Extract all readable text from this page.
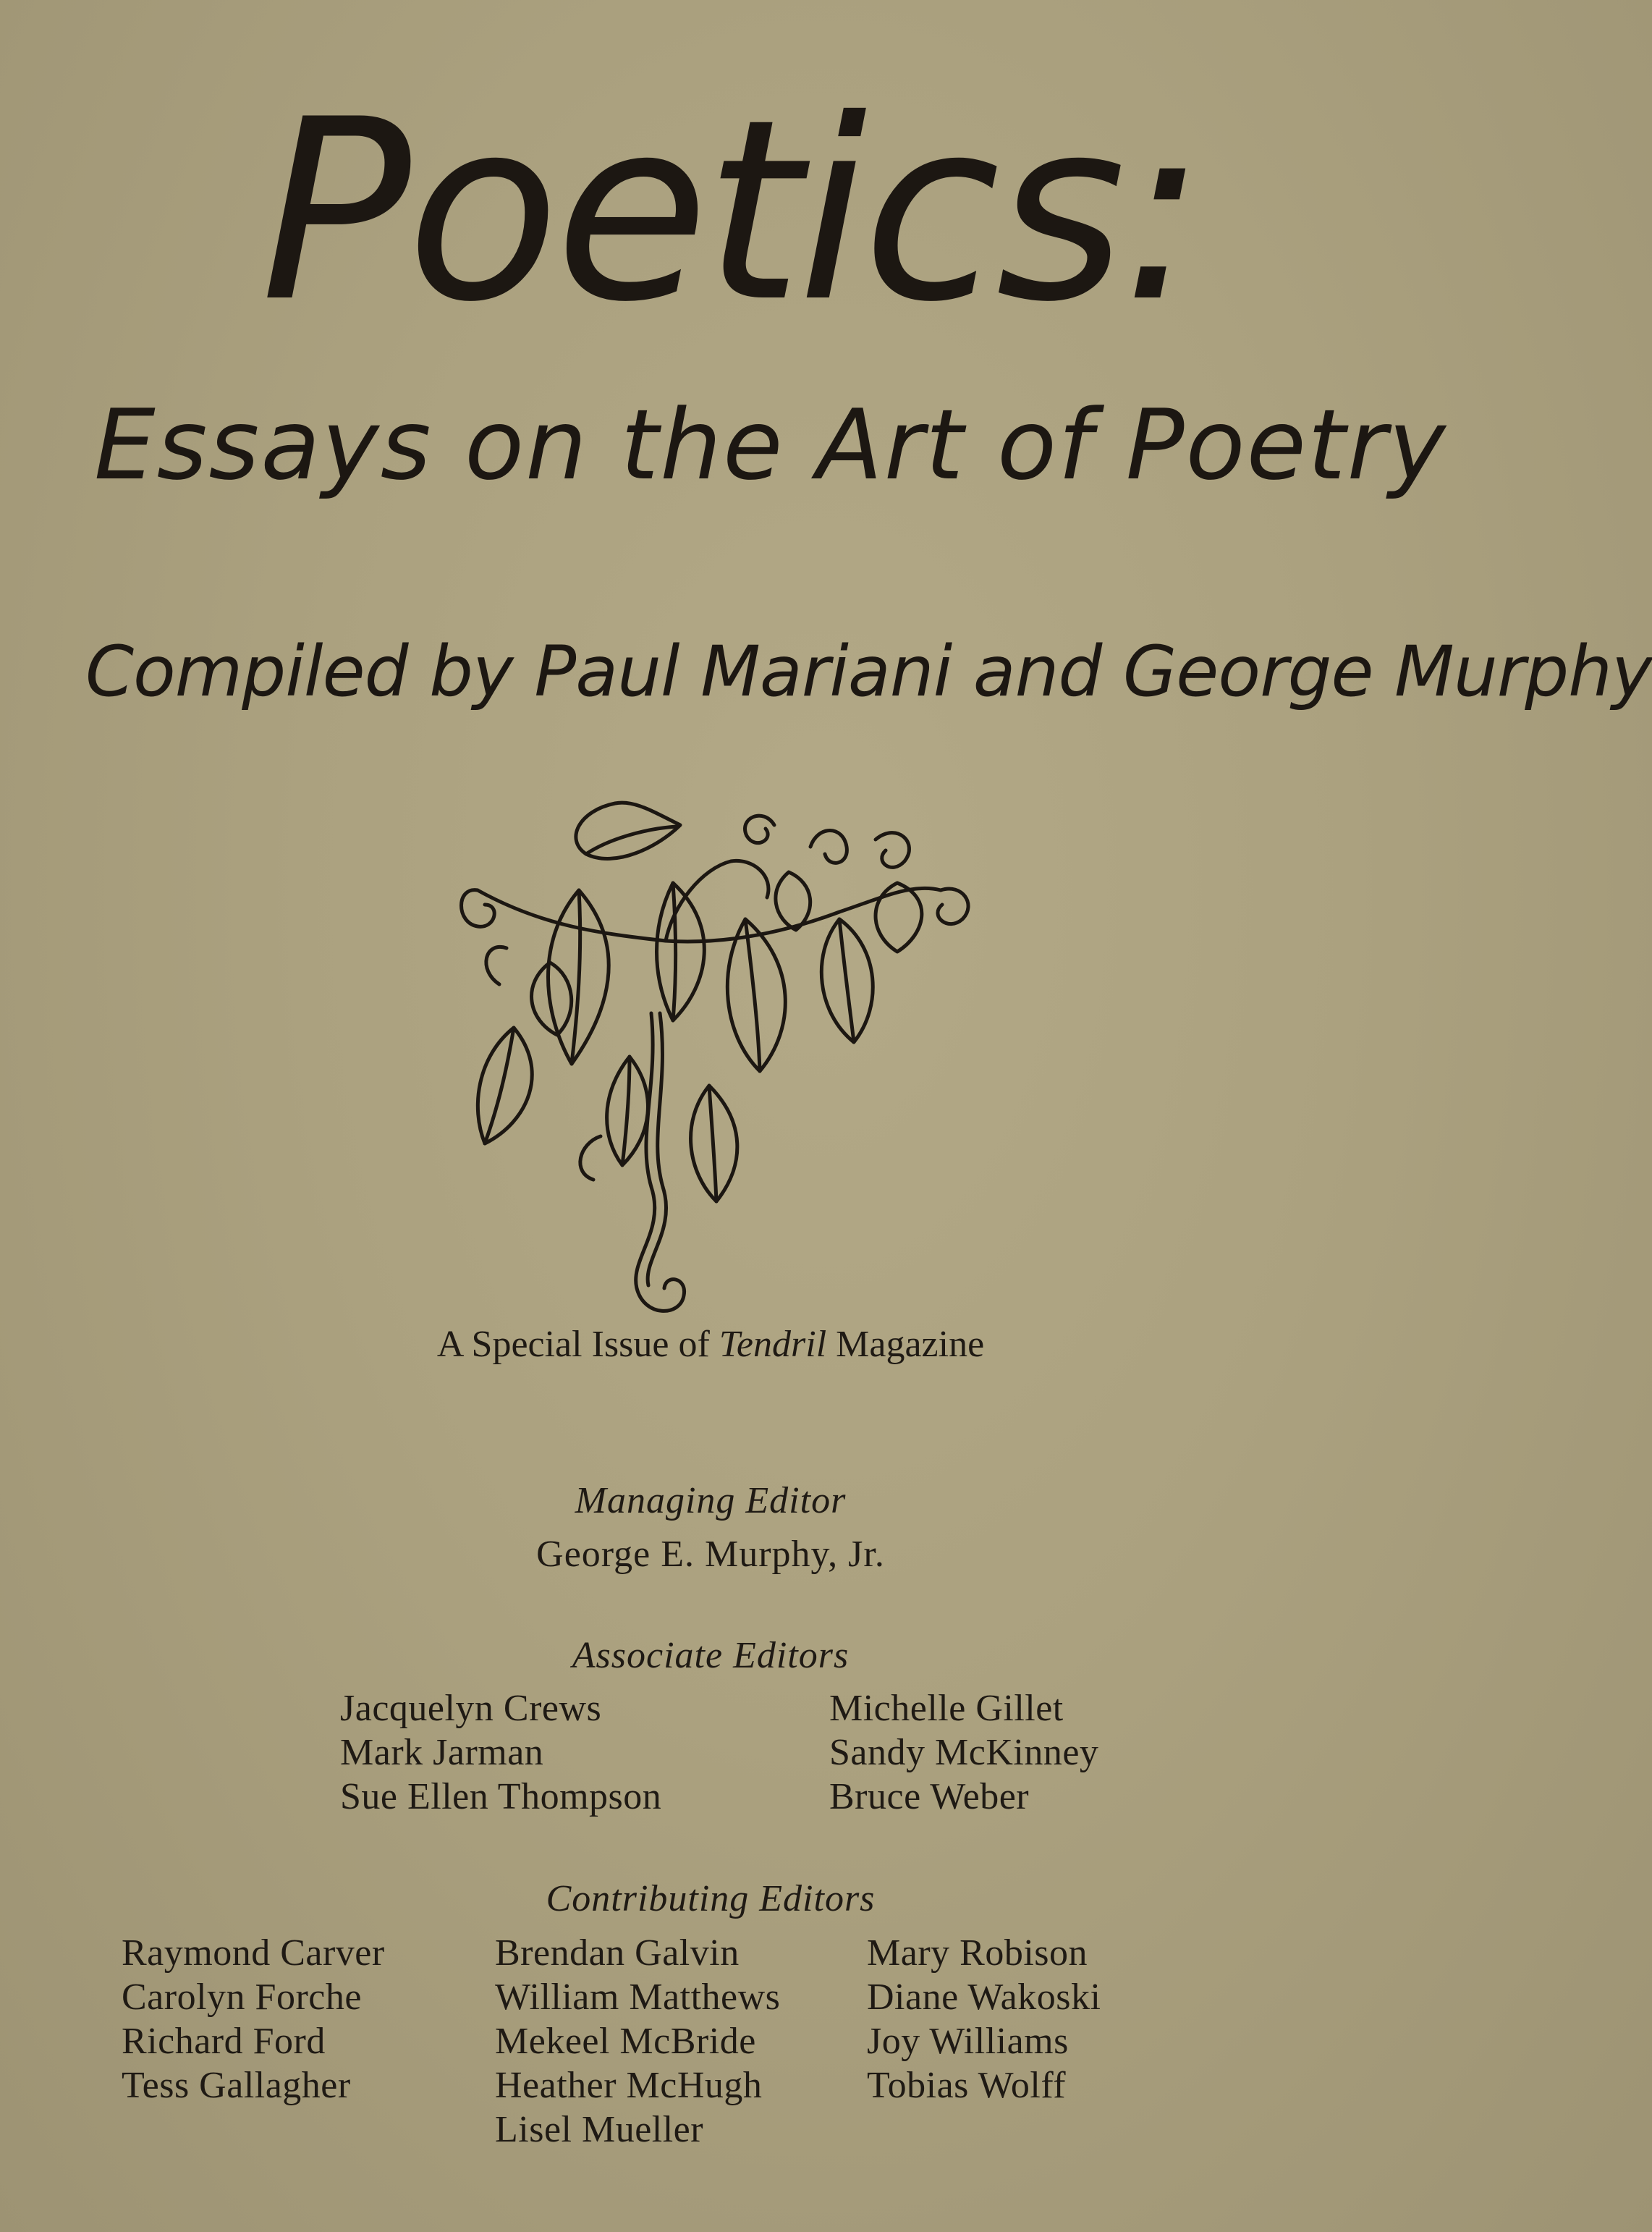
Poetics:
Essays on the Art of Poetry
Compiled by Paul Mariani and George Murphy
A Special Issue of Tendril Magazine
Managing Editor
George E. Murphy, Jr.
Associate Editors
Jacquelyn Crews
Mark Jarman
Sue Ellen Thompson
Michelle Gillet
Sandy McKinney
Bruce Weber
Contributing Editors
Raymond Carver
Carolyn Forche
Richard Ford
Tess Gallagher
Brendan Galvin
William Matthews
Mekeel McBride
Heather McHugh
Lisel Mueller
Mary Robison
Diane Wakoski
Joy Williams
Tobias Wolff
